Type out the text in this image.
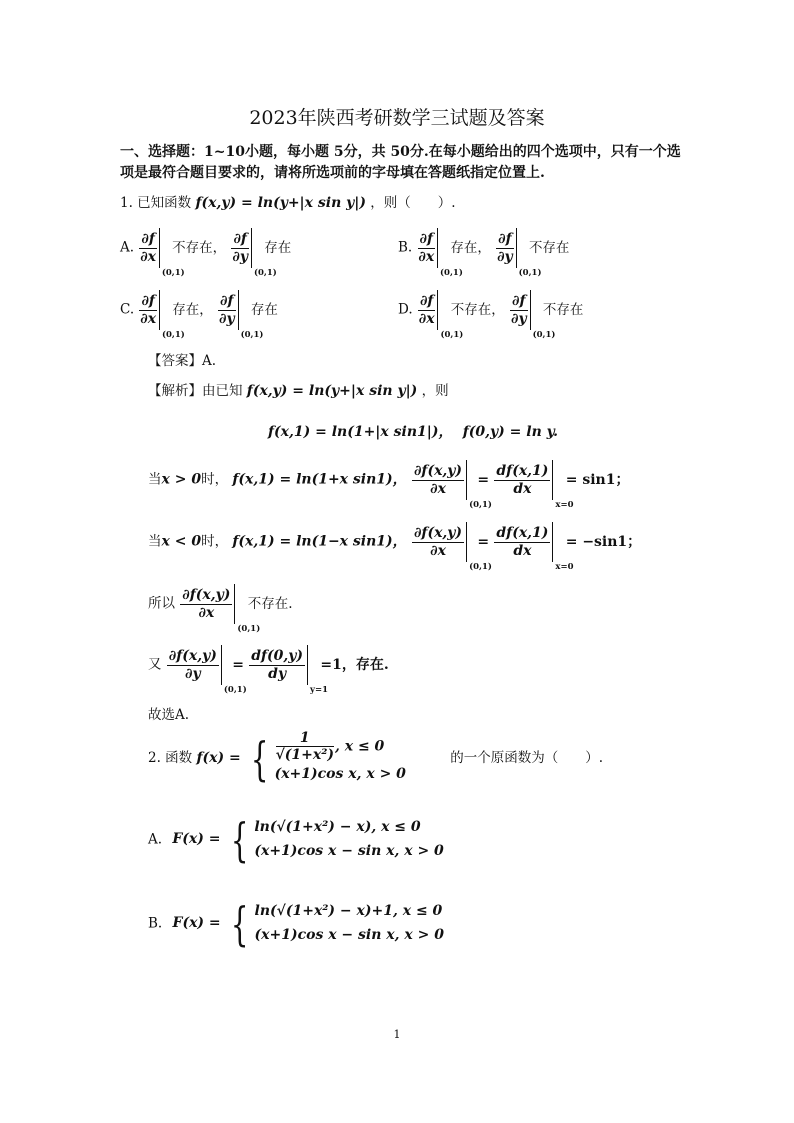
2023年陕西考研数学三试题及答案
一、选择题：1~10小题，每小题 5分，共 50分.在每小题给出的四个选项中，只有一个选
项是最符合题目要求的，请将所选项前的字母填在答题纸指定位置上.
1. 已知函数 f(x,y) = ln(y+|x sin y|) ，则（　　）.
A. $\frac{\partial f}{\partial x}$
(0,1)
不存在， $\frac{\partial f}{\partial y}$
(0,1)
存在	B. $\frac{\partial f}{\partial x}$
(0,1)
存在， $\frac{\partial f}{\partial y}$
(0,1)
不存在
C. $\frac{\partial f}{\partial x}$
(0,1)
存在， $\frac{\partial f}{\partial y}$
(0,1)
存在	D. $\frac{\partial f}{\partial x}$
(0,1)
不存在， $\frac{\partial f}{\partial y}$
(0,1)
不存在
【答案】A.
【解析】由已知 f(x,y) = ln(y+|x sin y|) ，则
f(x,1) = ln(1+|x sin1|)， f(0,y) = ln y.
当x > 0时， f(x,1) = ln(1+x sin1)， $\frac{\partial f(x,y)}{\partial x}$
(0,1)
= $\frac{df(x,1)}{dx}$
x=0
= sin1；
当x < 0时， f(x,1) = ln(1−x sin1)， $\frac{\partial f(x,y)}{\partial x}$
(0,1)
= $\frac{df(x,1)}{dx}$
x=0
= −sin1；
所以 $\frac{\partial f(x,y)}{\partial x}$
(0,1)
不存在.
又 $\frac{\partial f(x,y)}{\partial y}$
(0,1)
= $\frac{df(0,y)}{dy}$
y=1
=1，存在.
故选A.
2. 函数 f(x) = { $\frac{1}{\text{√(1+x²)}}$ , x ≤ 0
(x+1)cos x, x > 0
的一个原函数为（　　）.
A. F(x) = { ln(√(1+x²) − x), x ≤ 0
(x+1)cos x − sin x, x > 0
B. F(x) = { ln(√(1+x²) − x)+1, x ≤ 0
(x+1)cos x − sin x, x > 0
1
